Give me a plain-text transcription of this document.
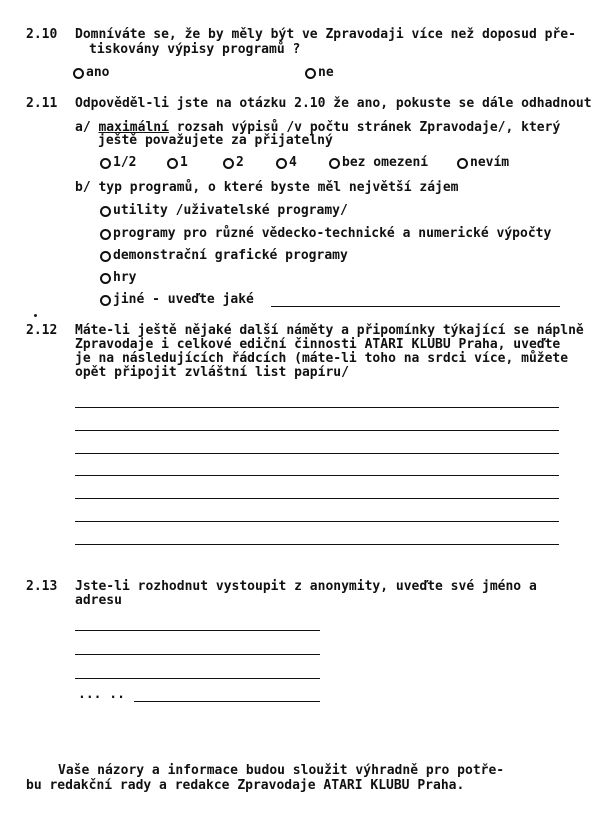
2.10 Domníváte se, že by měly být ve Zpravodaji více než doposud pře-
tiskovány výpisy programů ?
ano	ne
2.11 Odpověděl-li jste na otázku 2.10 že ano, pokuste se dále odhadnout
a/ maximální rozsah výpisů /v počtu stránek Zpravodaje/, který
ještě považujete za přijatelný
1/2	1	2	4	bez omezení	nevím
b/ typ programů, o které byste měl největší zájem
utility /uživatelské programy/
programy pro různé vědecko-technické a numerické výpočty
demonstrační grafické programy
hry
jiné - uveďte jaké
2.12 Máte-li ještě nějaké další náměty a připomínky týkající se náplně
Zpravodaje i celkové ediční činnosti ATARI KLUBU Praha, uveďte
je na následujících řádcích (máte-li toho na srdci více, můžete
opět připojit zvláštní list papíru/
2.13 Jste-li rozhodnut vystoupit z anonymity, uveďte své jméno a
adresu
... ..
Vaše názory a informace budou sloužit výhradně pro potře-
bu redakční rady a redakce Zpravodaje ATARI KLUBU Praha.
